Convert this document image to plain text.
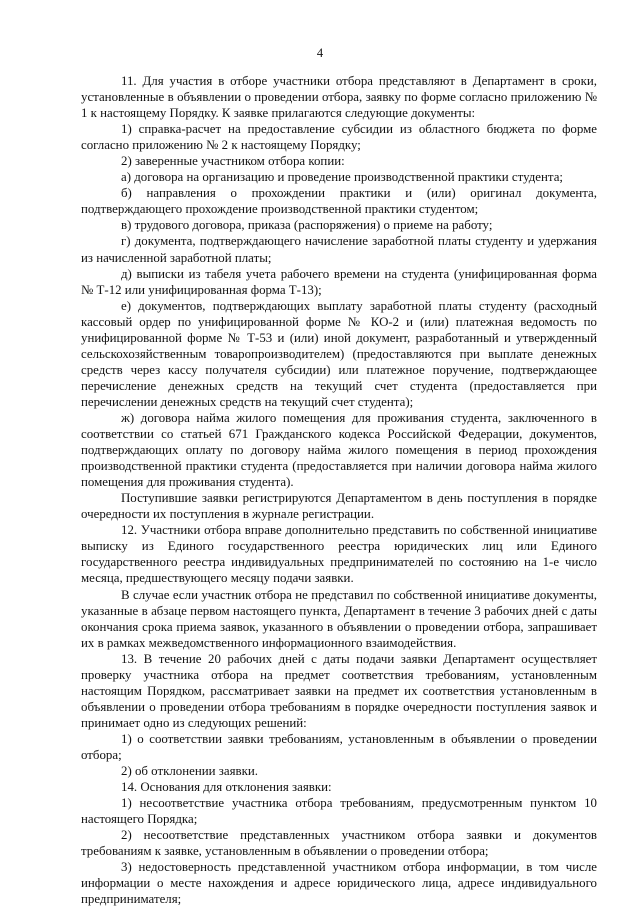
4

11. Для участия в отборе участники отбора представляют в Департамент в сроки, установленные в объявлении о проведении отбора, заявку по форме согласно приложению № 1 к настоящему Порядку. К заявке прилагаются следующие документы:

1) справка-расчет на предоставление субсидии из областного бюджета по форме согласно приложению № 2 к настоящему Порядку;

2) заверенные участником отбора копии:

а) договора на организацию и проведение производственной практики студента;

б) направления о прохождении практики и (или) оригинал документа, подтверждающего прохождение производственной практики студентом;

в) трудового договора, приказа (распоряжения) о приеме на работу;

г) документа, подтверждающего начисление заработной платы студенту и удержания из начисленной заработной платы;

д) выписки из табеля учета рабочего времени на студента (унифицированная форма № Т-12 или унифицированная форма Т-13);

е) документов, подтверждающих выплату заработной платы студенту (расходный кассовый ордер по унифицированной форме № КО-2 и (или) платежная ведомость по унифицированной форме № Т-53 и (или) иной документ, разработанный и утвержденный сельскохозяйственным товаропроизводителем) (предоставляются при выплате денежных средств через кассу получателя субсидии) или платежное поручение, подтверждающее перечисление денежных средств на текущий счет студента (предоставляется при перечислении денежных средств на текущий счет студента);

ж) договора найма жилого помещения для проживания студента, заключенного в соответствии со статьей 671 Гражданского кодекса Российской Федерации, документов, подтверждающих оплату по договору найма жилого помещения в период прохождения производственной практики студента (предоставляется при наличии договора найма жилого помещения для проживания студента).

Поступившие заявки регистрируются Департаментом в день поступления в порядке очередности их поступления в журнале регистрации.

12. Участники отбора вправе дополнительно представить по собственной инициативе выписку из Единого государственного реестра юридических лиц или Единого государственного реестра индивидуальных предпринимателей по состоянию на 1-е число месяца, предшествующего месяцу подачи заявки.

В случае если участник отбора не представил по собственной инициативе документы, указанные в абзаце первом настоящего пункта, Департамент в течение 3 рабочих дней с даты окончания срока приема заявок, указанного в объявлении о проведении отбора, запрашивает их в рамках межведомственного информационного взаимодействия.

13. В течение 20 рабочих дней с даты подачи заявки Департамент осуществляет проверку участника отбора на предмет соответствия требованиям, установленным настоящим Порядком, рассматривает заявки на предмет их соответствия установленным в объявлении о проведении отбора требованиям в порядке очередности поступления заявок и принимает одно из следующих решений:

1) о соответствии заявки требованиям, установленным в объявлении о проведении отбора;

2) об отклонении заявки.

14. Основания для отклонения заявки:

1) несоответствие участника отбора требованиям, предусмотренным пунктом 10 настоящего Порядка;

2) несоответствие представленных участником отбора заявки и документов требованиям к заявке, установленным в объявлении о проведении отбора;

3) недостоверность представленной участником отбора информации, в том числе информации о месте нахождения и адресе юридического лица, адресе индивидуального предпринимателя;
